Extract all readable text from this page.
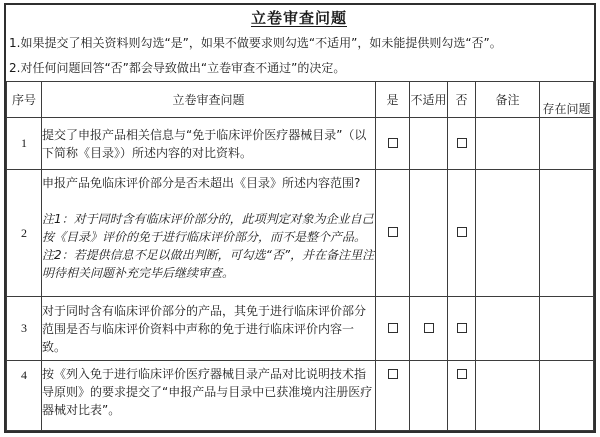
立卷审查问题
1.如果提交了相关资料则勾选“是”，如果不做要求则勾选“不适用”，如未能提供则勾选“否”。
2.对任何问题回答“否”都会导致做出“立卷审查不通过”的决定。
序号	立卷审查问题	是	不适用	否	备注	存在问题
1	提交了申报产品相关信息与“免于临床评价医疗器械目录”（以下简称《目录》）所述内容的对比资料。					

2	申报产品免临床评价部分是否未超出《目录》所述内容范围?

注1：对于同时含有临床评价部分的，此项判定对象为企业自己按《目录》评价的免于进行临床评价部分，而不是整个产品。

注2：若提供信息不足以做出判断，可勾选“否”，并在备注里注明待相关问题补充完毕后继续审查。					

3	对于同时含有临床评价部分的产品，其免于进行临床评价部分范围是否与临床评价资料中声称的免于进行临床评价内容一致。					

4	按《列入免于进行临床评价医疗器械目录产品对比说明技术指导原则》的要求提交了“申报产品与目录中已获准境内注册医疗器械对比表”。					
